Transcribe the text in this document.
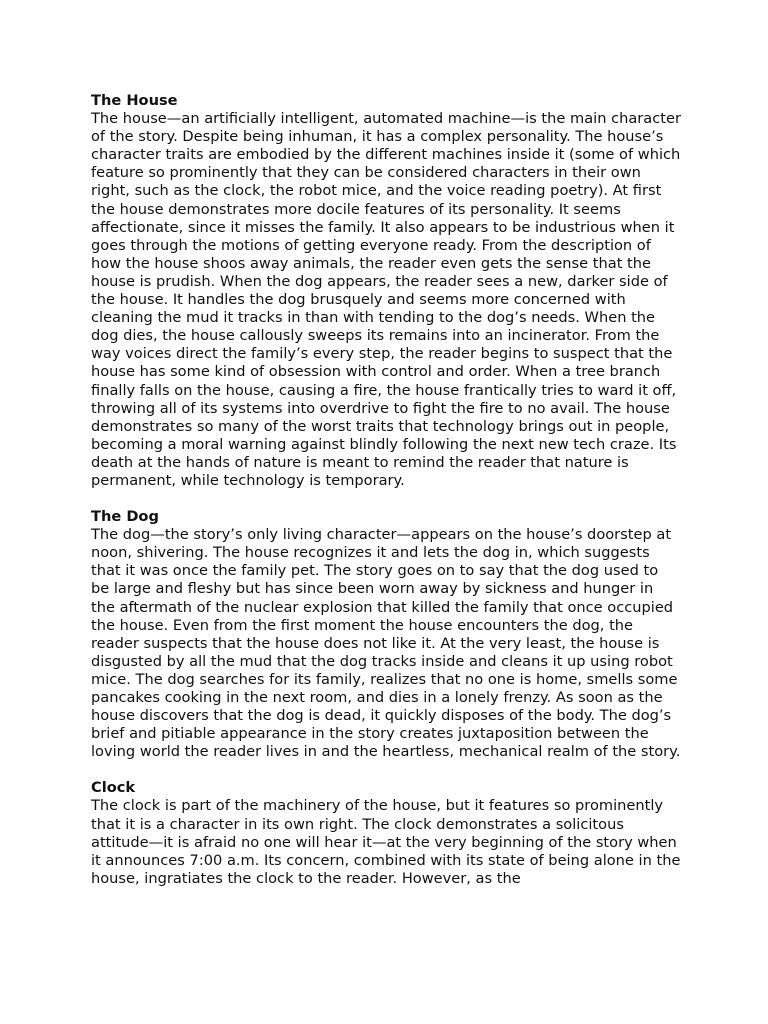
The House
The house—an artificially intelligent, automated machine—is the main character of the story. Despite being inhuman, it has a complex personality. The house’s character traits are embodied by the different machines inside it (some of which feature so prominently that they can be considered characters in their own right, such as the clock, the robot mice, and the voice reading poetry). At first the house demonstrates more docile features of its personality. It seems affectionate, since it misses the family. It also appears to be industrious when it goes through the motions of getting everyone ready. From the description of how the house shoos away animals, the reader even gets the sense that the house is prudish. When the dog appears, the reader sees a new, darker side of the house. It handles the dog brusquely and seems more concerned with cleaning the mud it tracks in than with tending to the dog’s needs. When the dog dies, the house callously sweeps its remains into an incinerator. From the way voices direct the family’s every step, the reader begins to suspect that the house has some kind of obsession with control and order. When a tree branch finally falls on the house, causing a fire, the house frantically tries to ward it off, throwing all of its systems into overdrive to fight the fire to no avail. The house demonstrates so many of the worst traits that technology brings out in people, becoming a moral warning against blindly following the next new tech craze. Its death at the hands of nature is meant to remind the reader that nature is permanent, while technology is temporary.
The Dog
The dog—the story’s only living character—appears on the house’s doorstep at noon, shivering. The house recognizes it and lets the dog in, which suggests that it was once the family pet. The story goes on to say that the dog used to be large and fleshy but has since been worn away by sickness and hunger in the aftermath of the nuclear explosion that killed the family that once occupied the house. Even from the first moment the house encounters the dog, the reader suspects that the house does not like it. At the very least, the house is disgusted by all the mud that the dog tracks inside and cleans it up using robot mice. The dog searches for its family, realizes that no one is home, smells some pancakes cooking in the next room, and dies in a lonely frenzy. As soon as the house discovers that the dog is dead, it quickly disposes of the body. The dog’s brief and pitiable appearance in the story creates juxtaposition between the loving world the reader lives in and the heartless, mechanical realm of the story.
Clock
The clock is part of the machinery of the house, but it features so prominently that it is a character in its own right. The clock demonstrates a solicitous attitude—it is afraid no one will hear it—at the very beginning of the story when it announces 7:00 a.m. Its concern, combined with its state of being alone in the house, ingratiates the clock to the reader. However, as the
